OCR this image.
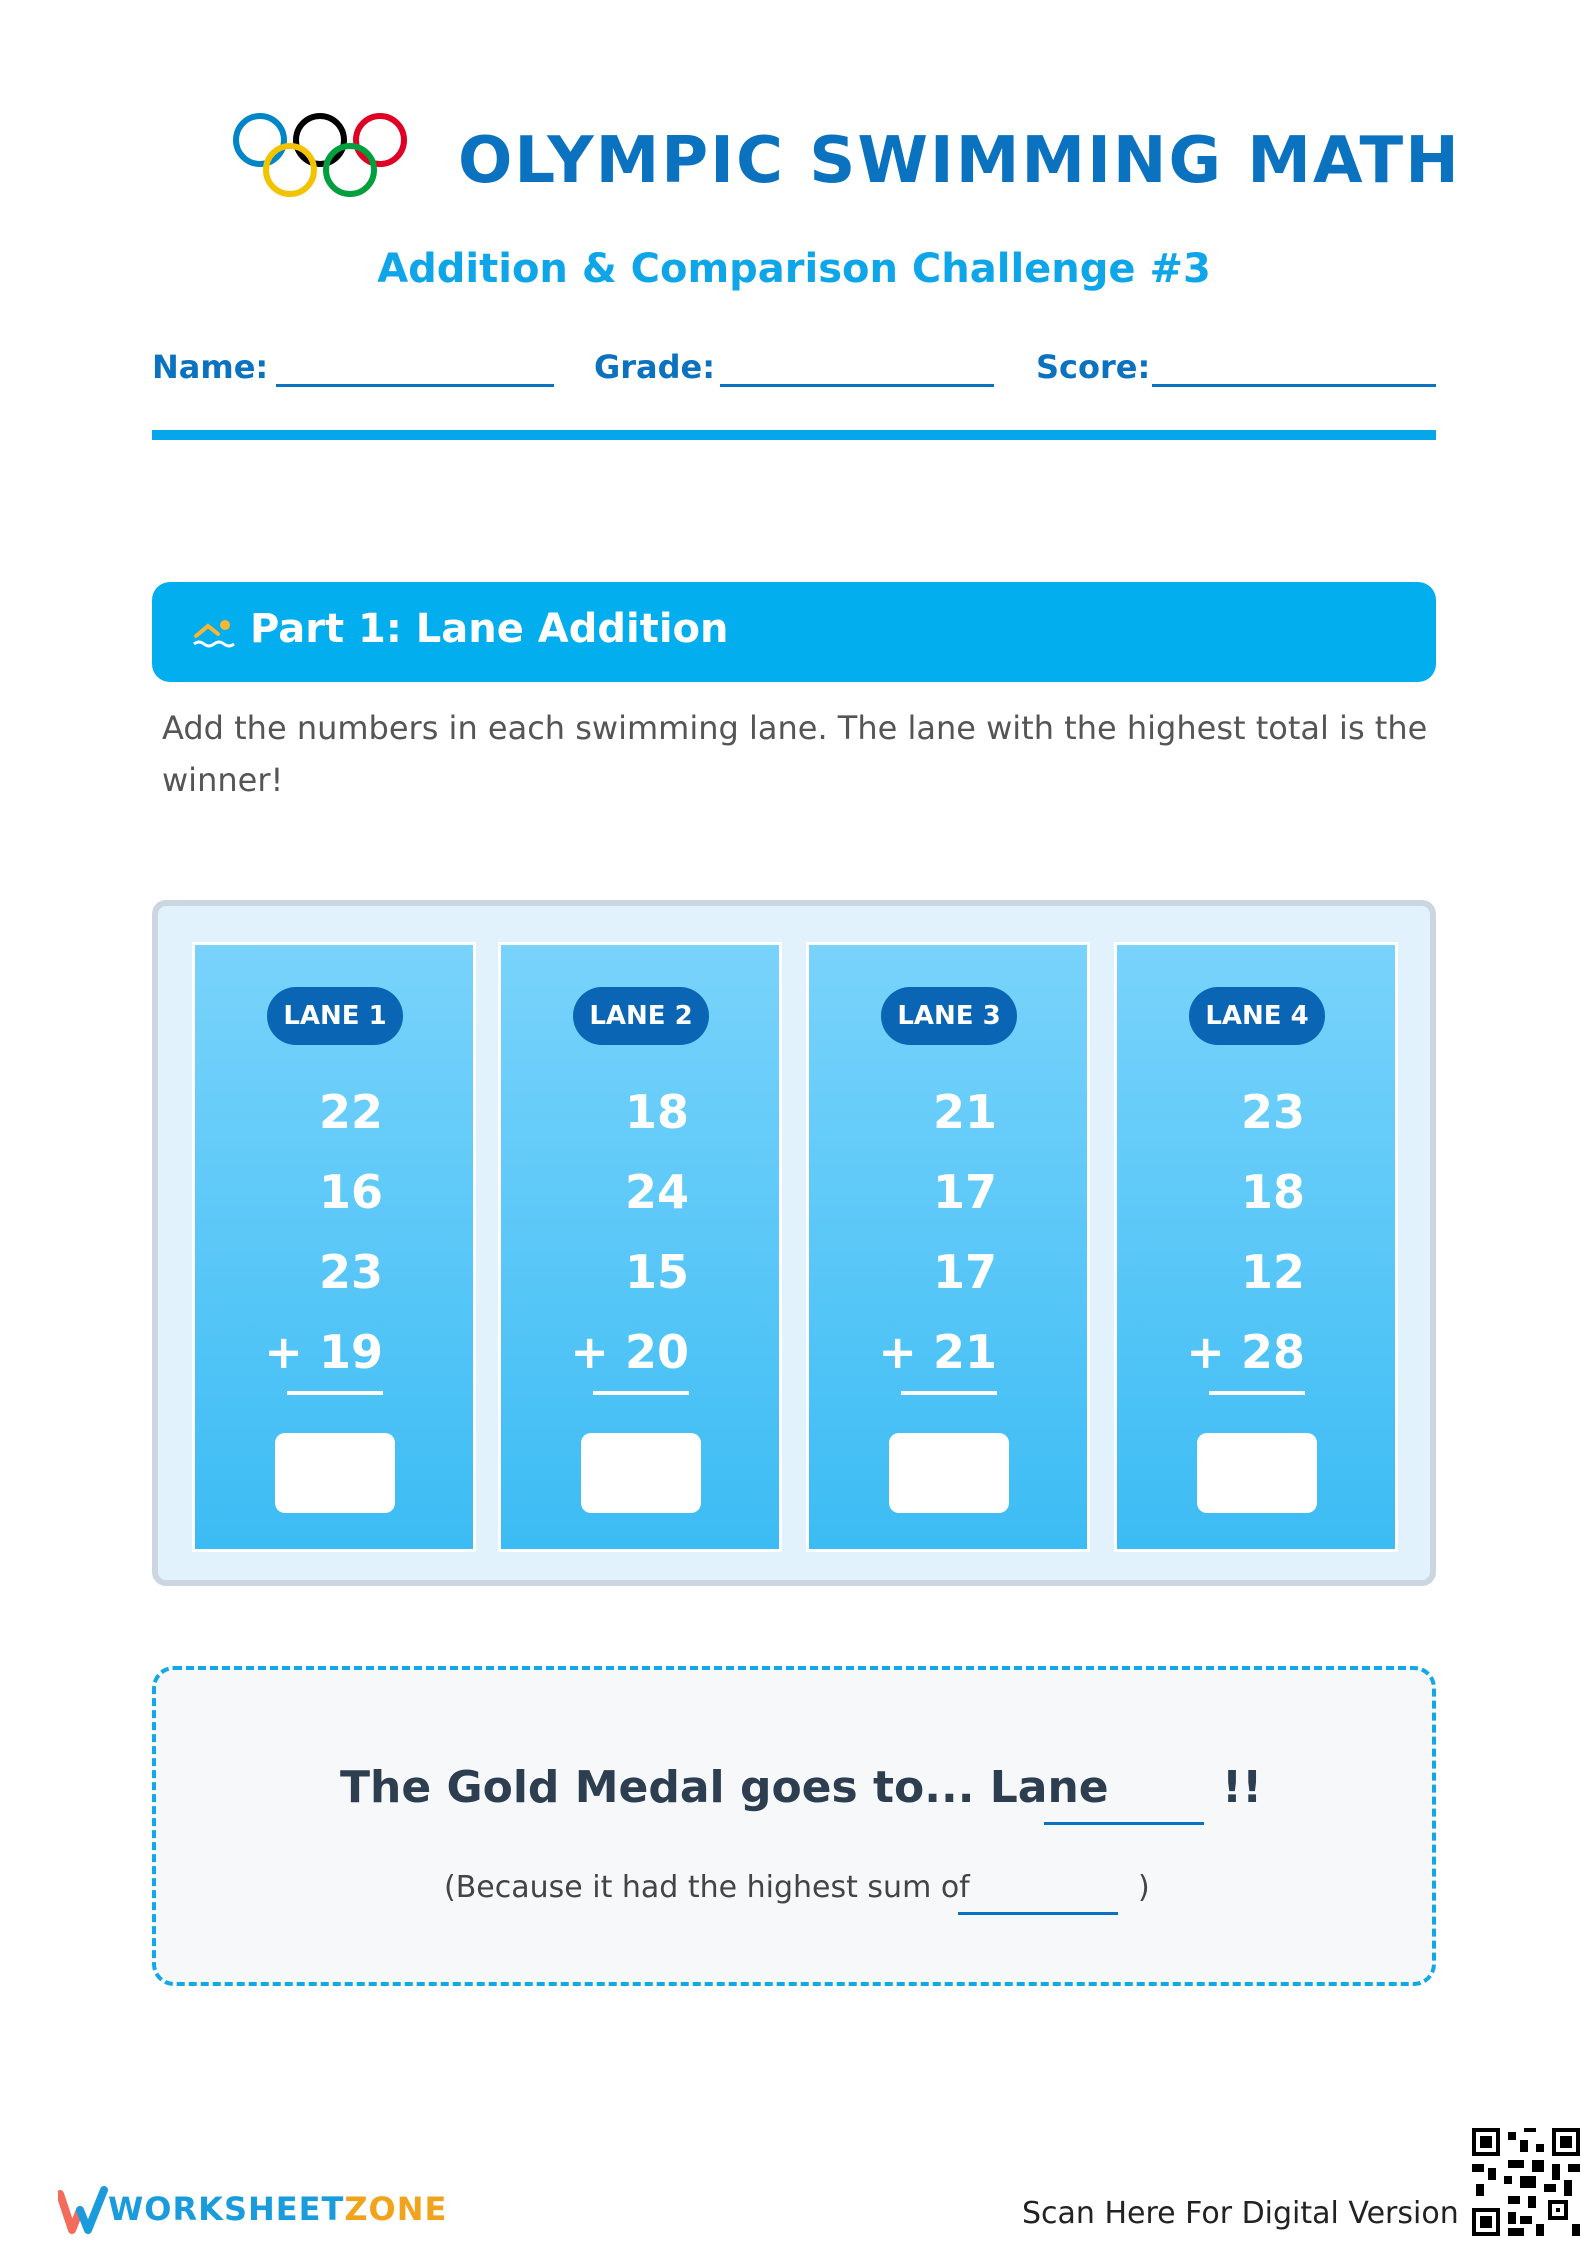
OLYMPIC SWIMMING MATH
Addition & Comparison Challenge #3
Name:	Grade:	Score:
Part 1: Lane Addition
Add the numbers in each swimming lane. The lane with the highest total is the winner!
LANE 1
22
16
23
+ 19
LANE 2
18
24
15
+ 20
LANE 3
21
17
17
+ 21
LANE 4
23
18
12
+ 28
The Gold Medal goes to... Lane	!!
(Because it had the highest sum of	)
WORKSHEETZONE	Scan Here For Digital Version
